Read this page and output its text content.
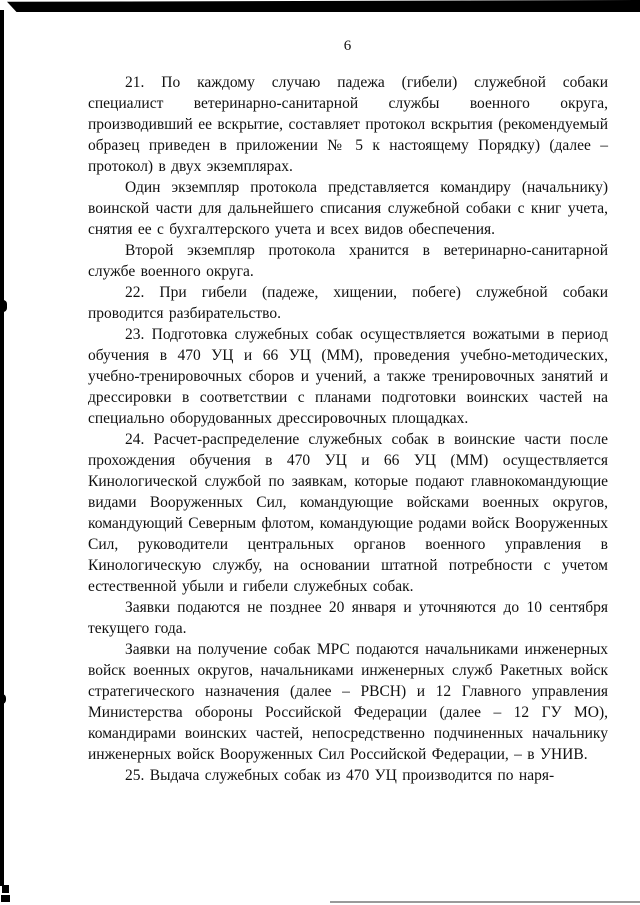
6

21. По каждому случаю падежа (гибели) служебной собаки специалист ветеринарно-санитарной службы военного округа, производивший ее вскрытие, составляет протокол вскрытия (рекомендуемый образец приведен в приложении № 5 к настоящему Порядку) (далее – протокол) в двух экземплярах.

Один экземпляр протокола представляется командиру (начальнику) воинской части для дальнейшего списания служебной собаки с книг учета, снятия ее с бухгалтерского учета и всех видов обеспечения.

Второй экземпляр протокола хранится в ветеринарно-санитарной службе военного округа.

22. При гибели (падеже, хищении, побеге) служебной собаки проводится разбирательство.

23. Подготовка служебных собак осуществляется вожатыми в период обучения в 470 УЦ и 66 УЦ (ММ), проведения учебно-методических, учебно-тренировочных сборов и учений, а также тренировочных занятий и дрессировки в соответствии с планами подготовки воинских частей на специально оборудованных дрессировочных площадках.

24. Расчет-распределение служебных собак в воинские части после прохождения обучения в 470 УЦ и 66 УЦ (ММ) осуществляется Кинологической службой по заявкам, которые подают главнокомандующие видами Вооруженных Сил, командующие войсками военных округов, командующий Северным флотом, командующие родами войск Вооруженных Сил, руководители центральных органов военного управления в Кинологическую службу, на основании штатной потребности с учетом естественной убыли и гибели служебных собак.

Заявки подаются не позднее 20 января и уточняются до 10 сентября текущего года.

Заявки на получение собак МРС подаются начальниками инженерных войск военных округов, начальниками инженерных служб Ракетных войск стратегического назначения (далее – РВСН) и 12 Главного управления Министерства обороны Российской Федерации (далее – 12 ГУ МО), командирами воинских частей, непосредственно подчиненных начальнику инженерных войск Вооруженных Сил Российской Федерации, – в УНИВ.

25. Выдача служебных собак из 470 УЦ производится по наря-
